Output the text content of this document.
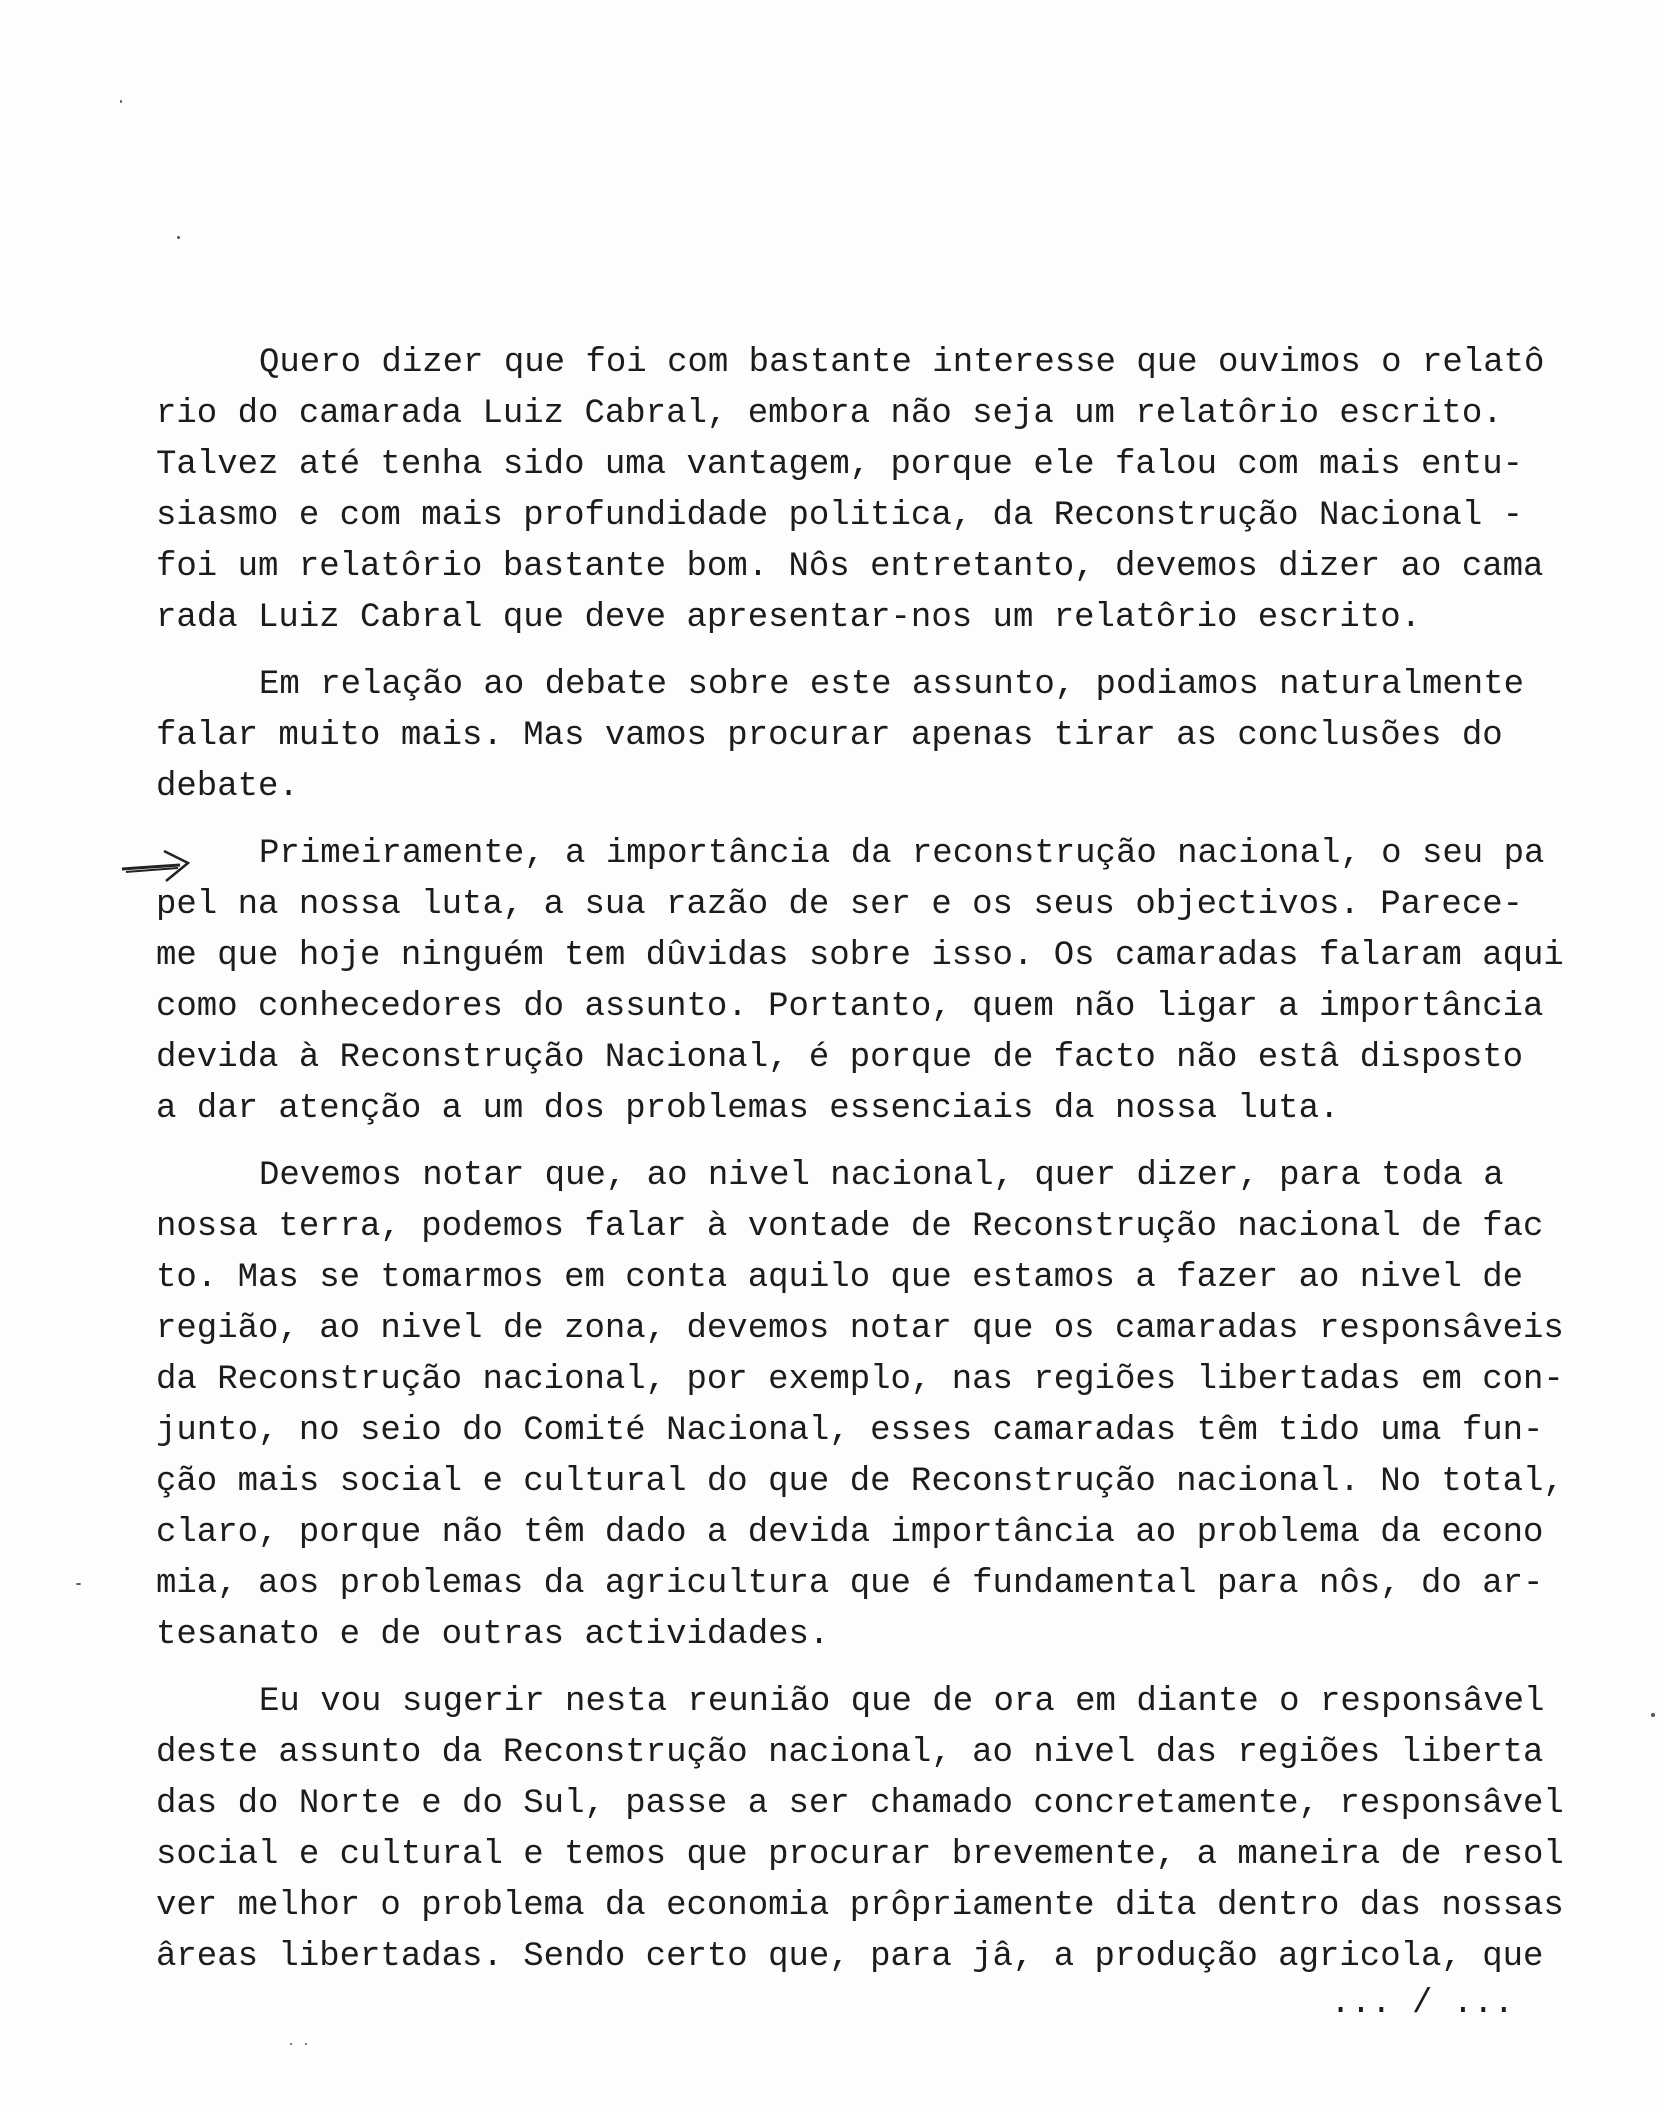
Quero dizer que foi com bastante interesse que ouvimos o relatô
rio do camarada Luiz Cabral, embora não seja um relatôrio escrito.
Talvez até tenha sido uma vantagem, porque ele falou com mais entu-
siasmo e com mais profundidade politica, da Reconstrução Nacional -
foi um relatôrio bastante bom. Nôs entretanto, devemos dizer ao cama
rada Luiz Cabral que deve apresentar-nos um relatôrio escrito.
Em relação ao debate sobre este assunto, podiamos naturalmente
falar muito mais. Mas vamos procurar apenas tirar as conclusões do
debate.
Primeiramente, a importância da reconstrução nacional, o seu pa
pel na nossa luta, a sua razão de ser e os seus objectivos. Parece-
me que hoje ninguém tem dûvidas sobre isso. Os camaradas falaram aqui
como conhecedores do assunto. Portanto, quem não ligar a importância
devida à Reconstrução Nacional, é porque de facto não estâ disposto
a dar atenção a um dos problemas essenciais da nossa luta.
Devemos notar que, ao nivel nacional, quer dizer, para toda a
nossa terra, podemos falar à vontade de Reconstrução nacional de fac
to. Mas se tomarmos em conta aquilo que estamos a fazer ao nivel de
região, ao nivel de zona, devemos notar que os camaradas responsâveis
da Reconstrução nacional, por exemplo, nas regiões libertadas em con-
junto, no seio do Comité Nacional, esses camaradas têm tido uma fun-
ção mais social e cultural do que de Reconstrução nacional. No total,
claro, porque não têm dado a devida importância ao problema da econo
mia, aos problemas da agricultura que é fundamental para nôs, do ar-
tesanato e de outras actividades.
Eu vou sugerir nesta reunião que de ora em diante o responsâvel
deste assunto da Reconstrução nacional, ao nivel das regiões liberta
das do Norte e do Sul, passe a ser chamado concretamente, responsâvel
social e cultural e temos que procurar brevemente, a maneira de resol
ver melhor o problema da economia prôpriamente dita dentro das nossas
âreas libertadas. Sendo certo que, para jâ, a produção agricola, que
... / ...
